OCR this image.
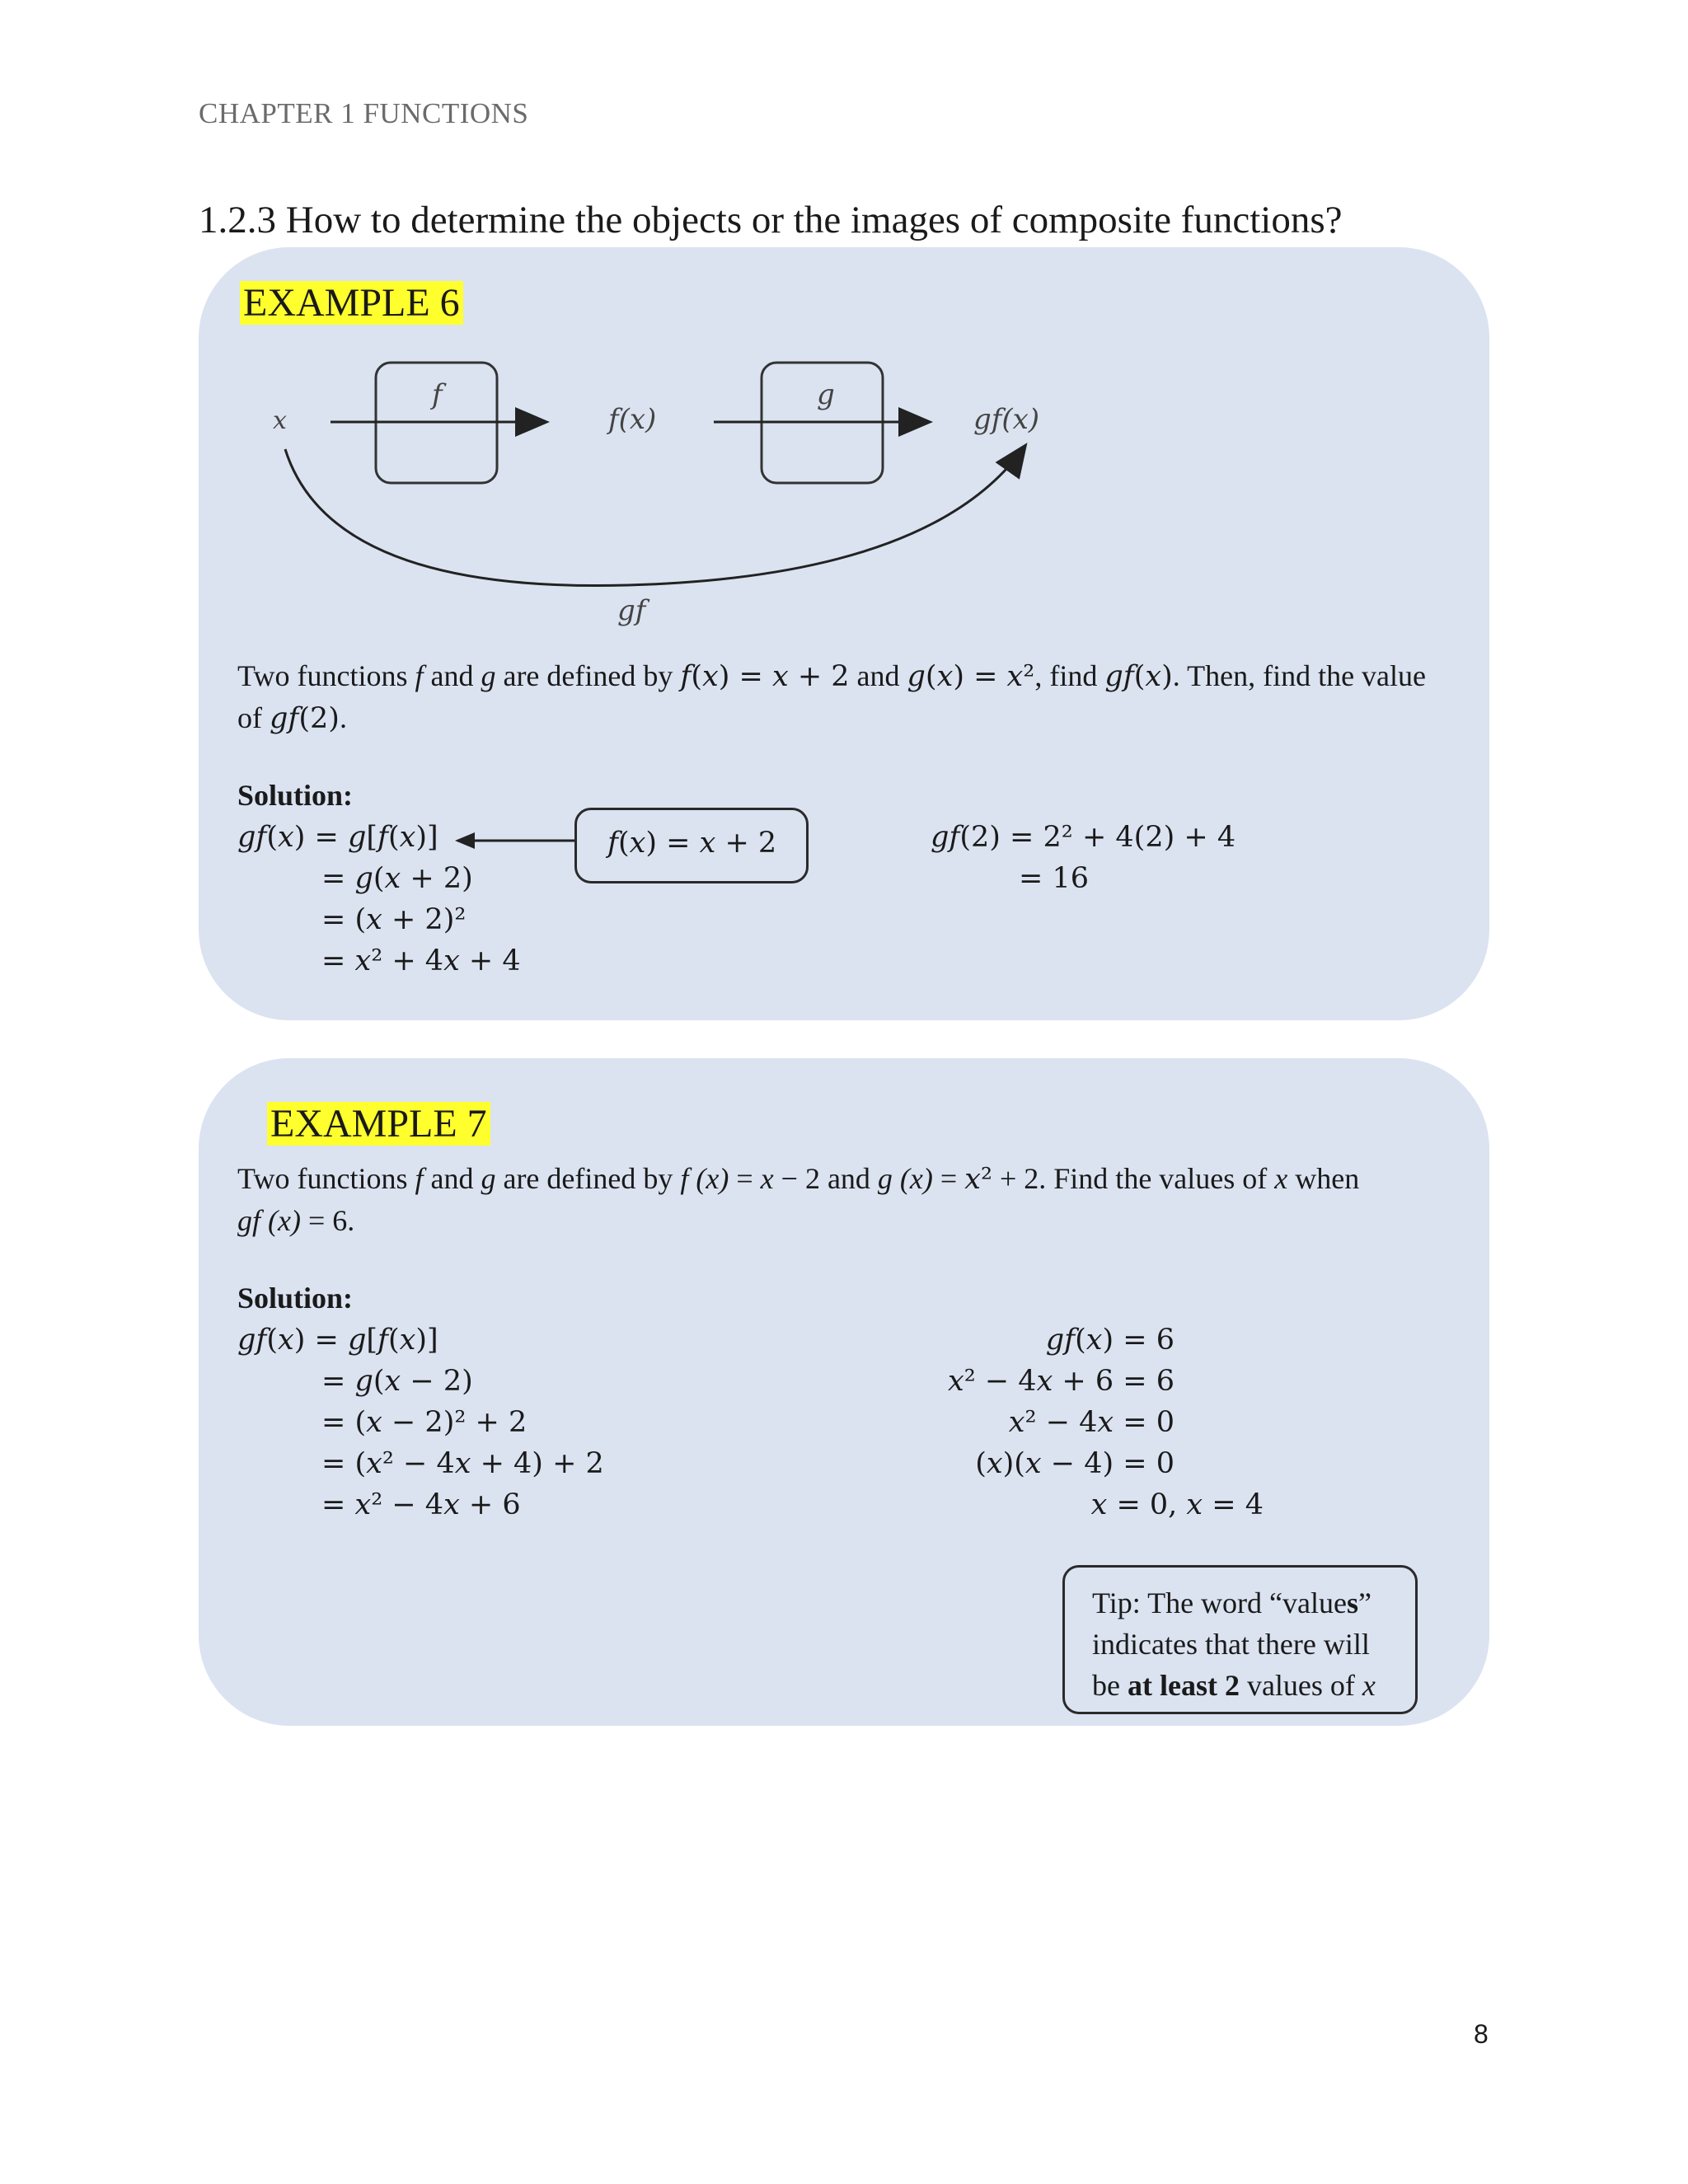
CHAPTER 1 FUNCTIONS
1.2.3 How to determine the objects or the images of composite functions?
EXAMPLE 6
x
f
f(x)
g
gf(x)
gf
Two functions f and g are defined by 𝑓(𝑥) = 𝑥 + 2 and 𝑔(𝑥) = 𝑥², find 𝑔𝑓(𝑥). Then, find the value
of 𝑔𝑓(2).
Solution:
𝑔𝑓(𝑥) = 𝑔[𝑓(𝑥)]
= 𝑔(𝑥 + 2)
= (𝑥 + 2)²
= 𝑥² + 4𝑥 + 4
𝑓(𝑥) = 𝑥 + 2	𝑔𝑓(2) = 2² + 4(2) + 4
= 16
EXAMPLE 7
Two functions f and g are defined by f (x) = x − 2 and g (x) = 𝑥² + 2. Find the values of x when
gf (x) = 6.
Solution:
𝑔𝑓(𝑥) = 𝑔[𝑓(𝑥)]
= 𝑔(𝑥 − 2)
= (𝑥 − 2)² + 2
= (𝑥² − 4𝑥 + 4) + 2
= 𝑥² − 4𝑥 + 6
𝑔𝑓(𝑥) = 6
𝑥² − 4𝑥 + 6 = 6
𝑥² − 4𝑥 = 0
(𝑥)(𝑥 − 4) = 0
𝑥 = 0, 𝑥 = 4
Tip: The word “values”
indicates that there will
be at least 2 values of x
8
